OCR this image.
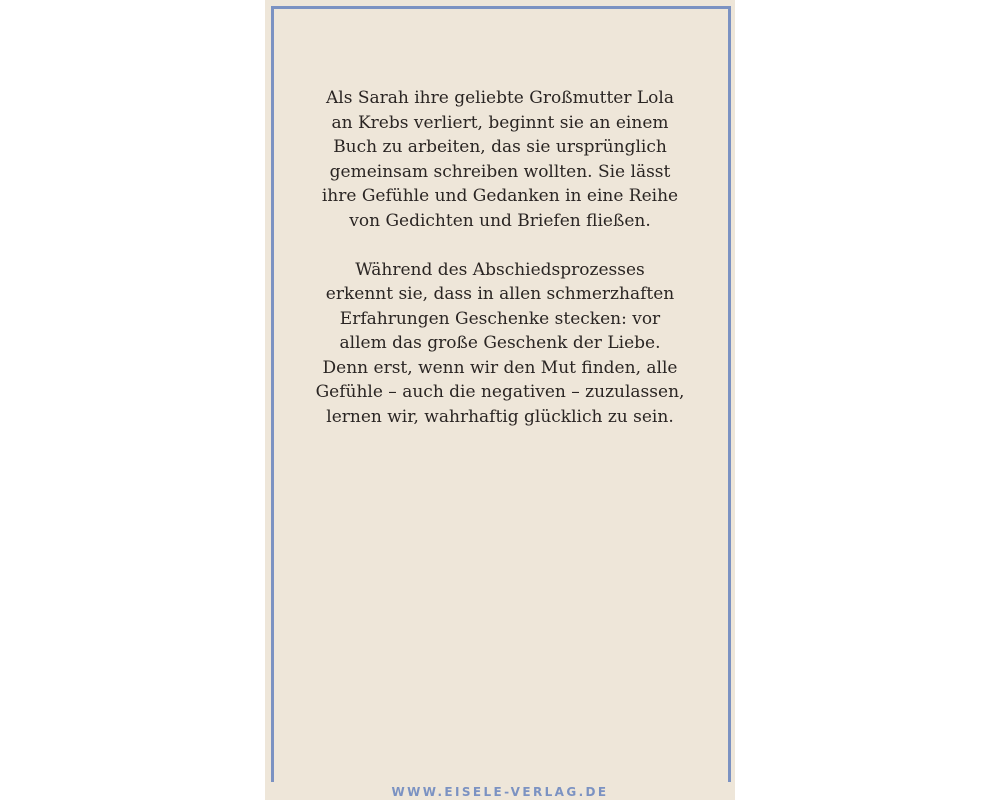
Als Sarah ihre geliebte Großmutter Lola
an Krebs verliert, beginnt sie an einem
Buch zu arbeiten, das sie ursprünglich
gemeinsam schreiben wollten. Sie lässt
ihre Gefühle und Gedanken in eine Reihe
von Gedichten und Briefen fließen.

Während des Abschiedsprozesses
erkennt sie, dass in allen schmerzhaften
Erfahrungen Geschenke stecken: vor
allem das große Geschenk der Liebe.
Denn erst, wenn wir den Mut finden, alle
Gefühle – auch die negativen – zuzulassen,
lernen wir, wahrhaftig glücklich zu sein.

WWW.EISELE-VERLAG.DE
